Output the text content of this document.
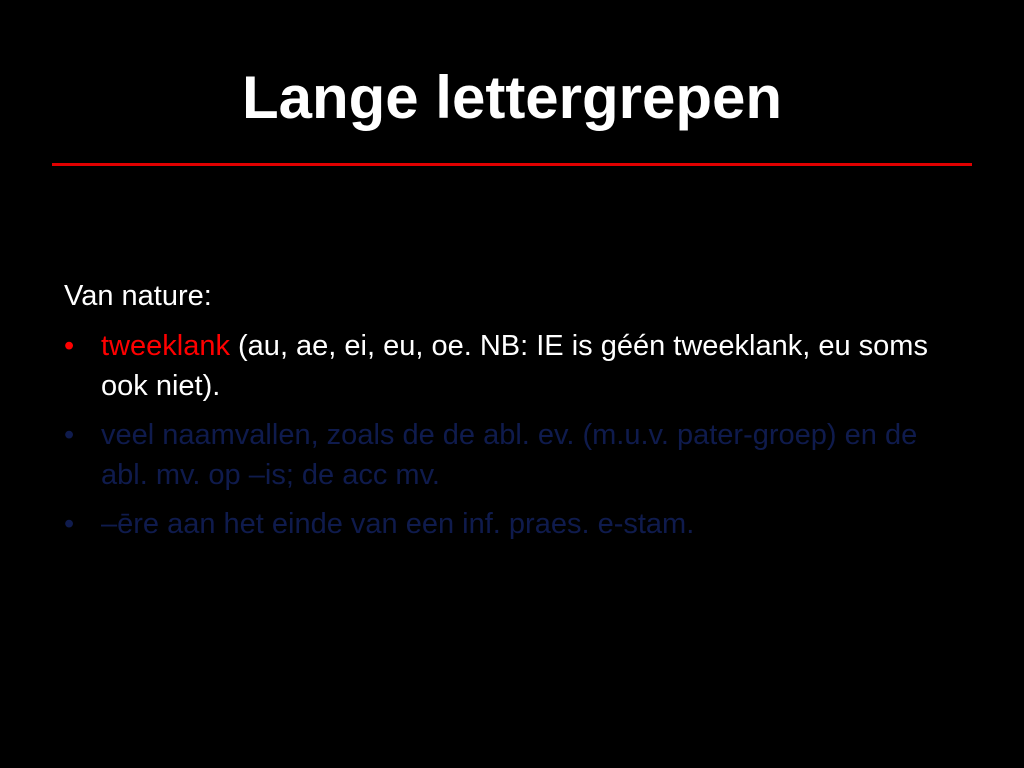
Lange lettergrepen
Van nature:
• tweeklank (au, ae, ei, eu, oe. NB: IE is géén tweeklank, eu soms ook niet).
• veel naamvallen, zoals de de abl. ev. (m.u.v. pater-groep) en de abl. mv. op –is; de acc mv.
• –ēre aan het einde van een inf. praes. e-stam.
